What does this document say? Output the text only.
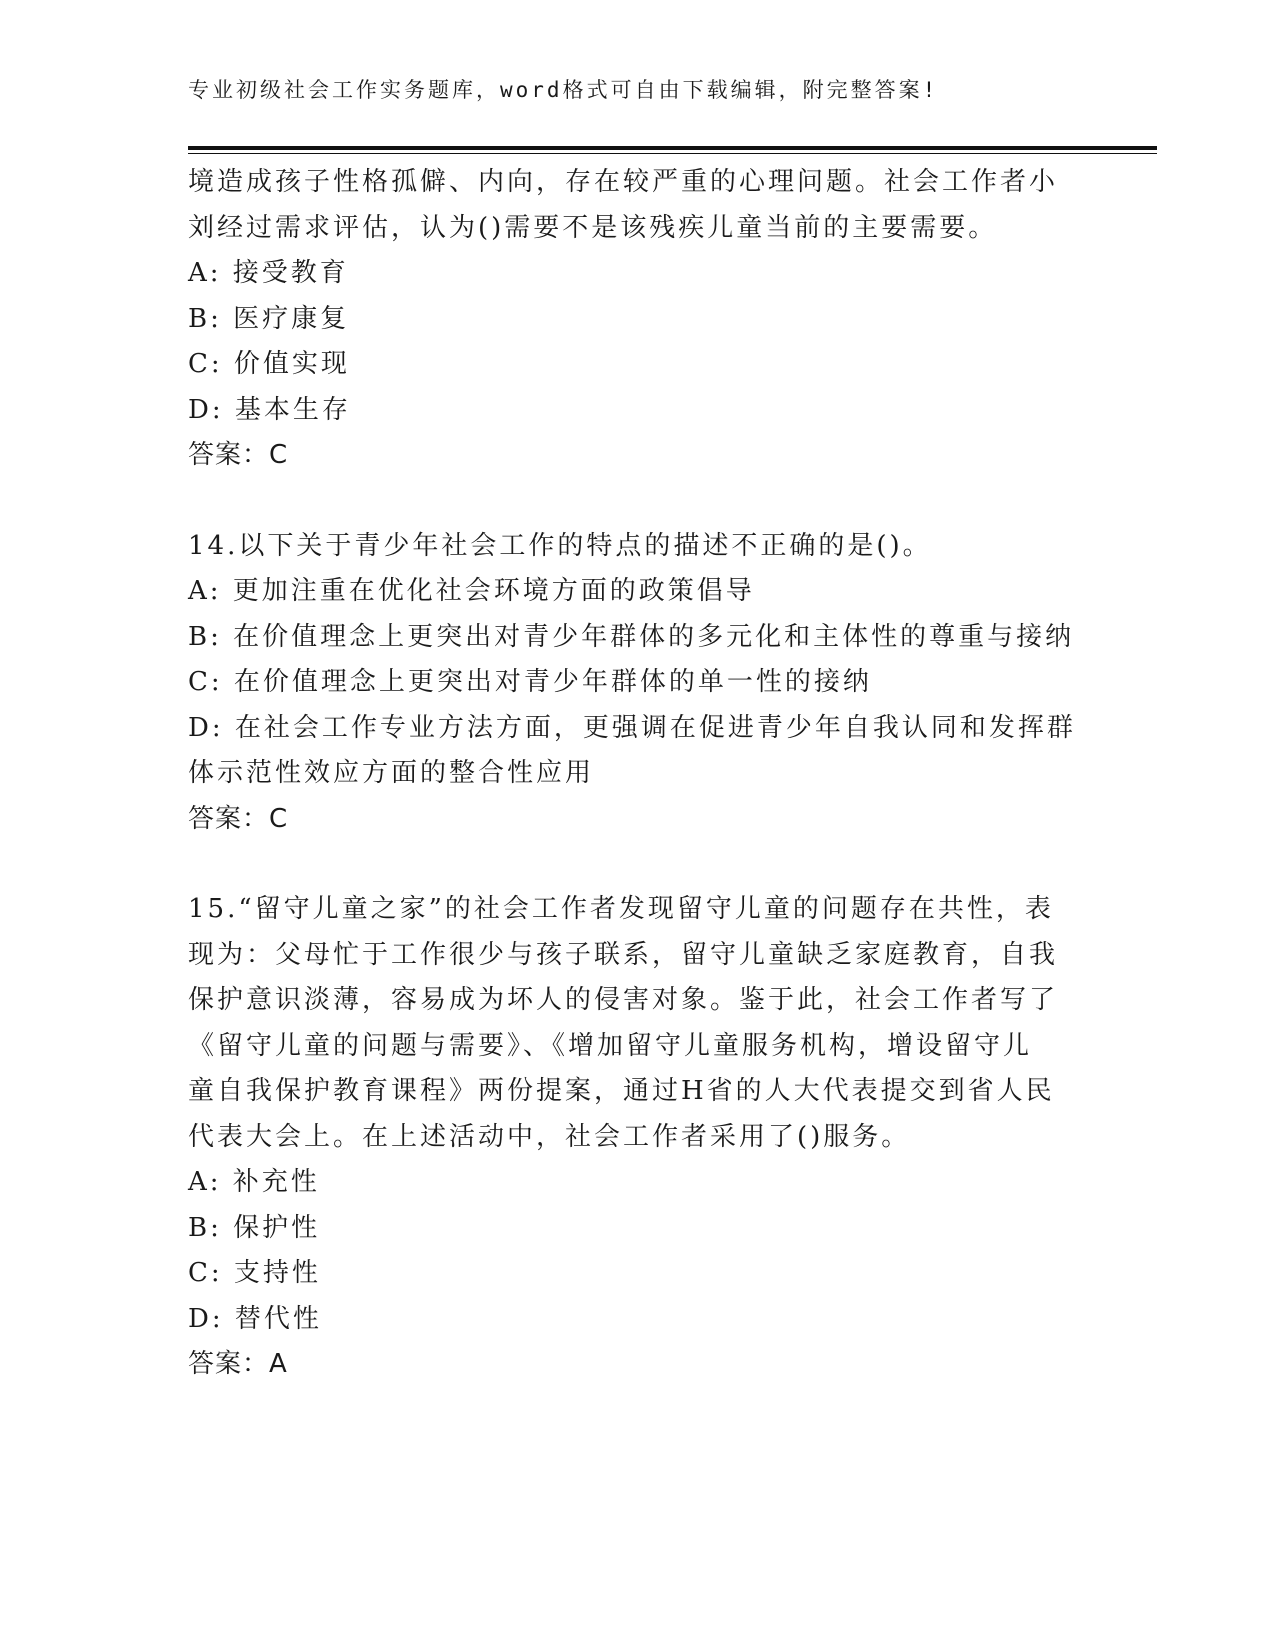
专业初级社会工作实务题库，word格式可自由下载编辑，附完整答案!
境造成孩子性格孤僻、内向，存在较严重的心理问题。社会工作者小
刘经过需求评估，认为()需要不是该残疾儿童当前的主要需要。
A: 接受教育
B: 医疗康复
C: 价值实现
D: 基本生存
答案：C
14.以下关于青少年社会工作的特点的描述不正确的是()。
A: 更加注重在优化社会环境方面的政策倡导
B: 在价值理念上更突出对青少年群体的多元化和主体性的尊重与接纳
C: 在价值理念上更突出对青少年群体的单一性的接纳
D: 在社会工作专业方法方面，更强调在促进青少年自我认同和发挥群
体示范性效应方面的整合性应用
答案：C
15.“留守儿童之家”的社会工作者发现留守儿童的问题存在共性，表
现为：父母忙于工作很少与孩子联系，留守儿童缺乏家庭教育，自我
保护意识淡薄，容易成为坏人的侵害对象。鉴于此，社会工作者写了
《留守儿童的问题与需要》、《增加留守儿童服务机构，增设留守儿
童自我保护教育课程》两份提案，通过H省的人大代表提交到省人民
代表大会上。在上述活动中，社会工作者采用了()服务。
A: 补充性
B: 保护性
C: 支持性
D: 替代性
答案：A
